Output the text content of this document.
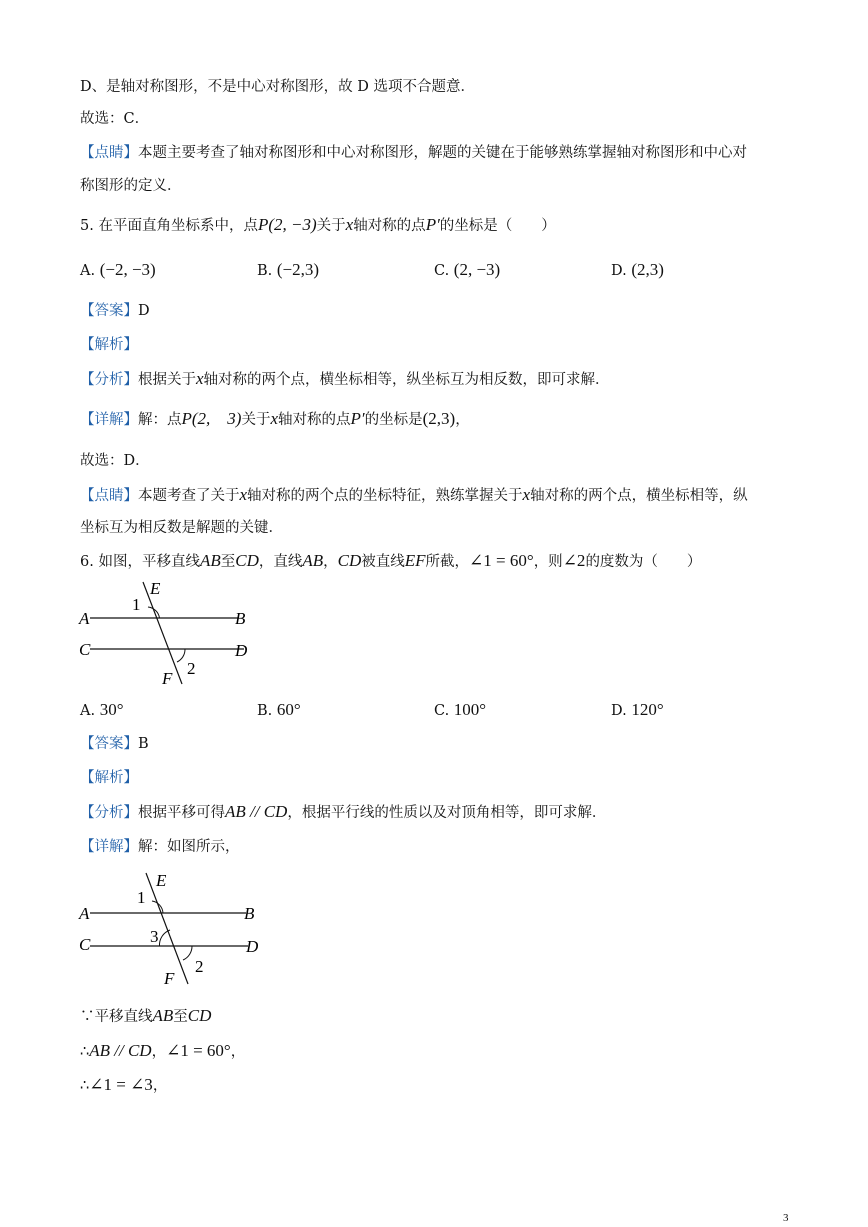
D、是轴对称图形，不是中心对称图形，故 D 选项不合题意．
故选：C．
【点睛】本题主要考查了轴对称图形和中心对称图形，解题的关键在于能够熟练掌握轴对称图形和中心对
称图形的定义．
5. 在平面直角坐标系中，点P(2, −3)关于x轴对称的点P′的坐标是（　　）
A. (−2, −3)	B. (−2,3)	C. (2, −3)	D. (2,3)
【答案】D
【解析】
【分析】根据关于x轴对称的两个点，横坐标相等，纵坐标互为相反数，即可求解．
【详解】解：点P(2,　3)关于x轴对称的点P′的坐标是(2,3)，
故选：D．
【点睛】本题考查了关于x轴对称的两个点的坐标特征，熟练掌握关于x轴对称的两个点，横坐标相等，纵
坐标互为相反数是解题的关键．
6. 如图，平移直线AB至CD，直线AB，CD被直线EF所截，∠1 = 60°，则∠2的度数为（　　）
A	B
C	D
E
F
1
2
A. 30°	B. 60°	C. 100°	D. 120°
【答案】B
【解析】
【分析】根据平移可得AB // CD，根据平行线的性质以及对顶角相等，即可求解．
【详解】解：如图所示，
A	B
C	D
E
F
1
3
2
∵平移直线AB至CD
∴AB // CD，∠1 = 60°，
∴∠1 = ∠3，
3
